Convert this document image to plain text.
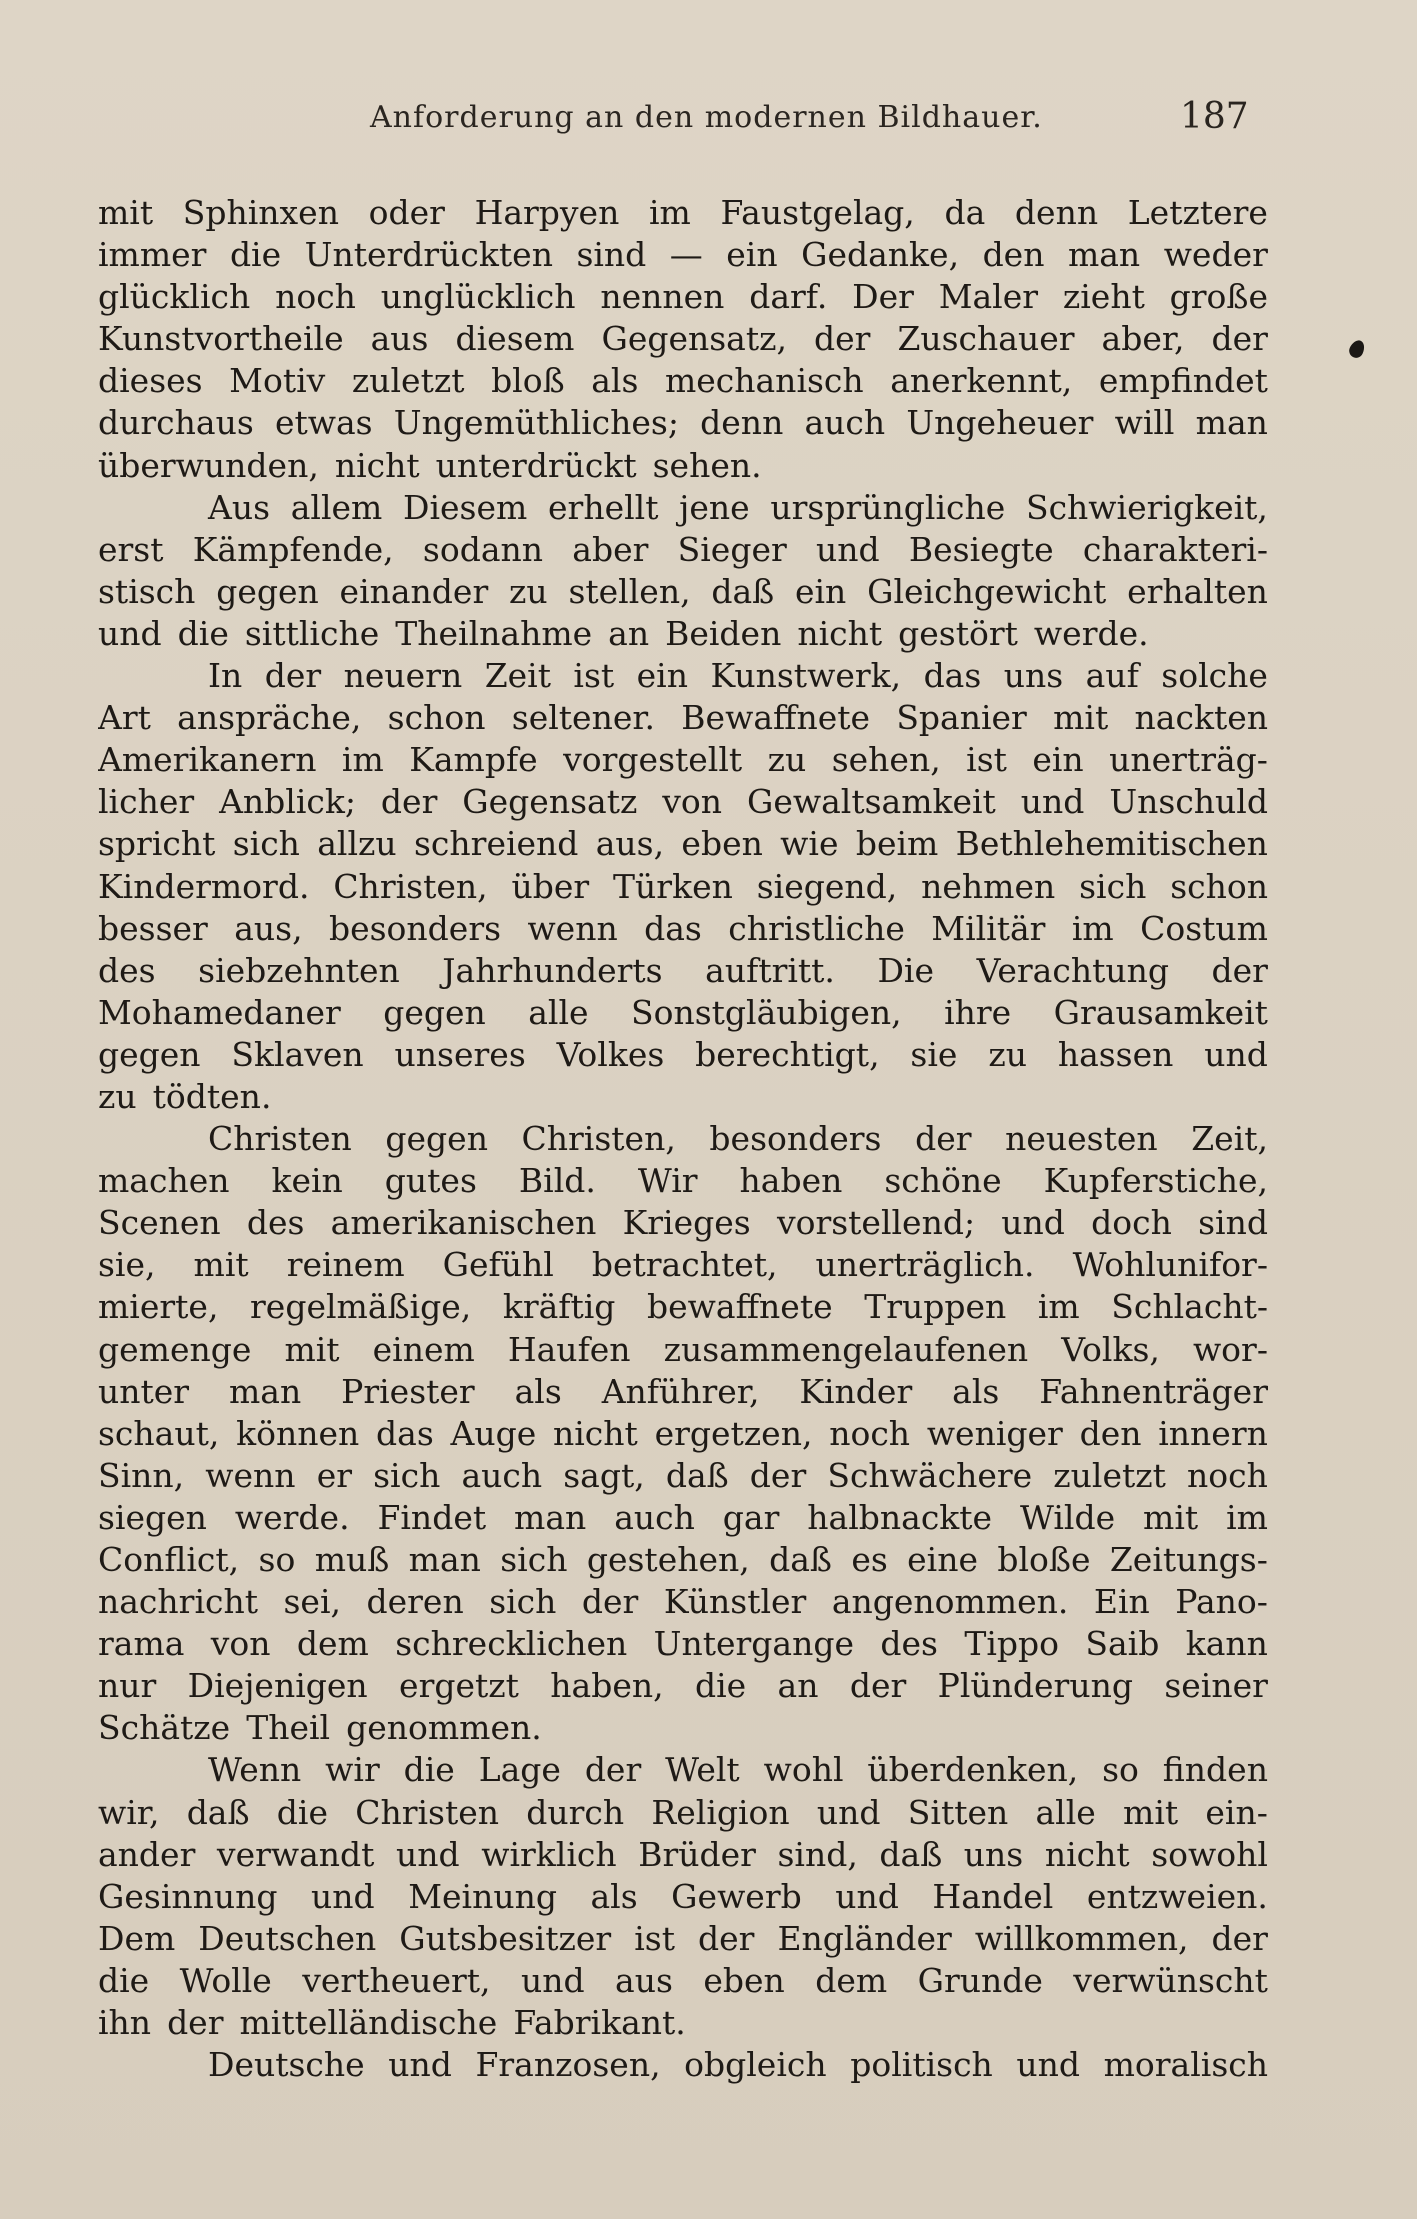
Anforderung an den modernen Bildhauer.	187
mit Sphinxen oder Harpyen im Faustgelag, da denn Letztere
immer die Unterdrückten sind — ein Gedanke, den man weder
glücklich noch unglücklich nennen darf. Der Maler zieht große
Kunstvortheile aus diesem Gegensatz, der Zuschauer aber, der
dieses Motiv zuletzt bloß als mechanisch anerkennt, empfindet
durchaus etwas Ungemüthliches; denn auch Ungeheuer will man
überwunden, nicht unterdrückt sehen.
Aus allem Diesem erhellt jene ursprüngliche Schwierigkeit,
erst Kämpfende, sodann aber Sieger und Besiegte charakteri-
stisch gegen einander zu stellen, daß ein Gleichgewicht erhalten
und die sittliche Theilnahme an Beiden nicht gestört werde.
In der neuern Zeit ist ein Kunstwerk, das uns auf solche
Art anspräche, schon seltener. Bewaffnete Spanier mit nackten
Amerikanern im Kampfe vorgestellt zu sehen, ist ein unerträg-
licher Anblick; der Gegensatz von Gewaltsamkeit und Unschuld
spricht sich allzu schreiend aus, eben wie beim Bethlehemitischen
Kindermord. Christen, über Türken siegend, nehmen sich schon
besser aus, besonders wenn das christliche Militär im Costum
des siebzehnten Jahrhunderts auftritt. Die Verachtung der
Mohamedaner gegen alle Sonstgläubigen, ihre Grausamkeit
gegen Sklaven unseres Volkes berechtigt, sie zu hassen und
zu tödten.
Christen gegen Christen, besonders der neuesten Zeit,
machen kein gutes Bild. Wir haben schöne Kupferstiche,
Scenen des amerikanischen Krieges vorstellend; und doch sind
sie, mit reinem Gefühl betrachtet, unerträglich. Wohlunifor-
mierte, regelmäßige, kräftig bewaffnete Truppen im Schlacht-
gemenge mit einem Haufen zusammengelaufenen Volks, wor-
unter man Priester als Anführer, Kinder als Fahnenträger
schaut, können das Auge nicht ergetzen, noch weniger den innern
Sinn, wenn er sich auch sagt, daß der Schwächere zuletzt noch
siegen werde. Findet man auch gar halbnackte Wilde mit im
Conflict, so muß man sich gestehen, daß es eine bloße Zeitungs-
nachricht sei, deren sich der Künstler angenommen. Ein Pano-
rama von dem schrecklichen Untergange des Tippo Saib kann
nur Diejenigen ergetzt haben, die an der Plünderung seiner
Schätze Theil genommen.
Wenn wir die Lage der Welt wohl überdenken, so finden
wir, daß die Christen durch Religion und Sitten alle mit ein-
ander verwandt und wirklich Brüder sind, daß uns nicht sowohl
Gesinnung und Meinung als Gewerb und Handel entzweien.
Dem Deutschen Gutsbesitzer ist der Engländer willkommen, der
die Wolle vertheuert, und aus eben dem Grunde verwünscht
ihn der mittelländische Fabrikant.
Deutsche und Franzosen, obgleich politisch und moralisch
